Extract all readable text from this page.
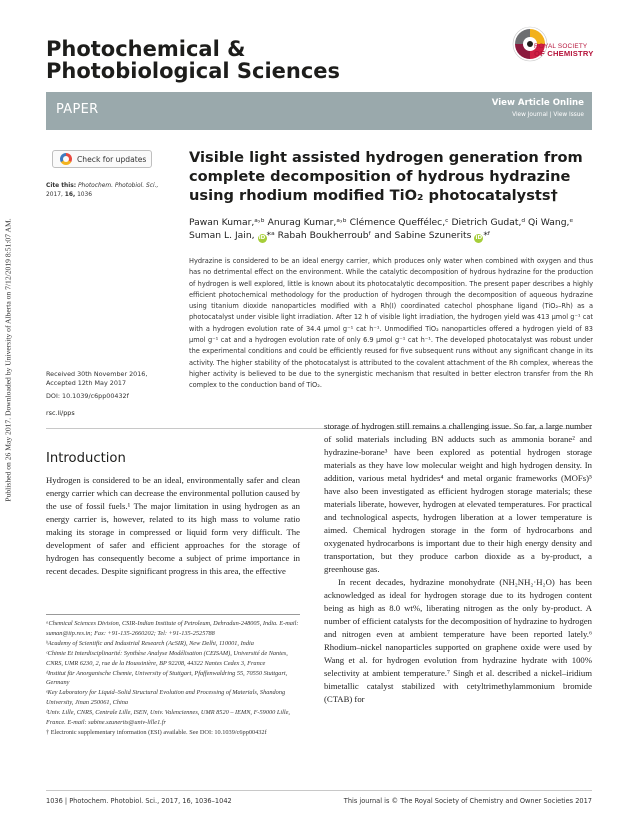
Published on 26 May 2017. Downloaded by University of Alberta on 7/12/2019 8:51:07 AM.
Photochemical &
Photobiological Sciences
ROYAL SOCIETY
OF CHEMISTRY
PAPER	View Article Online
View Journal | View Issue
Check for updates
Cite this: Photochem. Photobiol. Sci.,
2017, 16, 1036
Visible light assisted hydrogen generation from
complete decomposition of hydrous hydrazine
using rhodium modified TiO₂ photocatalysts†
Pawan Kumar,ᵃ˒ᵇ Anurag Kumar,ᵃ˒ᵇ Clémence Queffélec,ᶜ Dietrich Gudat,ᵈ Qi Wang,ᵉ
Suman L. Jain, iD*ᵃ Rabah Boukherroubᶠ and Sabine Szunerits iD*ᶠ
Hydrazine is considered to be an ideal energy carrier, which produces only water when combined with oxygen and thus has no detrimental effect on the environment. While the catalytic decomposition of hydrous hydrazine for the production of hydrogen is well explored, little is known about its photocatalytic decomposition. The present paper describes a highly efficient photochemical methodology for the production of hydrogen through the decomposition of aqueous hydrazine using titanium dioxide nanoparticles modified with a Rh(I) coordinated catechol phosphane ligand (TiO₂–Rh) as a photocatalyst under visible light irradiation. After 12 h of visible light irradiation, the hydrogen yield was 413 μmol g⁻¹ cat with a hydrogen evolution rate of 34.4 μmol g⁻¹ cat h⁻¹. Unmodified TiO₂ nanoparticles offered a hydrogen yield of 83 μmol g⁻¹ cat and a hydrogen evolution rate of only 6.9 μmol g⁻¹ cat h⁻¹. The developed photocatalyst was robust under the experimental conditions and could be efficiently reused for five subsequent runs without any significant change in its activity. The higher stability of the photocatalyst is attributed to the covalent attachment of the Rh complex, whereas the higher activity is believed to be due to the synergistic mechanism that resulted in better electron transfer from the Rh complex to the conduction band of TiO₂.
Received 30th November 2016,
Accepted 12th May 2017
DOI: 10.1039/c6pp00432f
rsc.li/pps
Introduction

Hydrogen is considered to be an ideal, environmentally safer and clean energy carrier which can decrease the environmental pollution caused by the use of fossil fuels.¹ The major limitation in using hydrogen as an energy carrier is, however, related to its high mass to volume ratio making its storage in compressed or liquid form very difficult. The development of safer and efficient approaches for the storage of hydrogen has consequently become a subject of prime importance in recent decades. Despite significant progress in this area, the effective

storage of hydrogen still remains a challenging issue. So far, a large number of solid materials including BN adducts such as ammonia borane² and hydrazine-borane³ have been explored as potential hydrogen storage materials as they have low molecular weight and high hydrogen density. In addition, various metal hydrides⁴ and metal organic frameworks (MOFs)⁵ have also been investigated as efficient hydrogen storage materials; these materials liberate, however, hydrogen at elevated temperatures. For practical and technological aspects, hydrogen liberation at a lower temperature is aimed. Chemical hydrogen storage in the form of hydrocarbons and oxygenated hydrocarbons is important due to their high energy density and transportation, but they produce carbon dioxide as a by-product, a greenhouse gas.

In recent decades, hydrazine monohydrate (NH₂NH₂·H₂O) has been acknowledged as ideal for hydrogen storage due to its hydrogen content being as high as 8.0 wt%, liberating nitrogen as the only by-product. A number of efficient catalysts for the decomposition of hydrazine to hydrogen and nitrogen even at ambient temperature have been reported lately.⁶ Rhodium–nickel nanoparticles supported on graphene oxide were used by Wang et al. for hydrogen evolution from hydrazine hydrate with 100% selectivity at ambient temperature.⁷ Singh et al. described a nickel–iridium bimetallic catalyst stabilized with cetyltrimethylammonium bromide (CTAB) for

ᵃChemical Sciences Division, CSIR-Indian Institute of Petroleum, Dehradun-248005, India. E-mail: suman@iip.res.in; Fax: +91-135-2660202; Tel: +91-135-2525788
ᵇAcademy of Scientific and Industrial Research (AcSIR), New Delhi, 110001, India
ᶜChimie Et Interdisciplinarité: Synthèse Analyse Modélisation (CEISAM), Université de Nantes, CNRS, UMR 6230, 2, rue de la Houssinière, BP 92208, 44322 Nantes Cedex 3, France
ᵈInstitut für Anorganische Chemie, University of Stuttgart, Pfaffenwaldring 55, 70550 Stuttgart, Germany
ᵉKey Laboratory for Liquid–Solid Structural Evolution and Processing of Materials, Shandong University, Jinan 250061, China
ᶠUniv. Lille, CNRS, Centrale Lille, ISEN, Univ. Valenciennes, UMR 8520 – IEMN, F-59000 Lille, France. E-mail: sabine.szunerits@univ-lille1.fr
† Electronic supplementary information (ESI) available. See DOI: 10.1039/c6pp00432f
1036 | Photochem. Photobiol. Sci., 2017, 16, 1036–1042	This journal is © The Royal Society of Chemistry and Owner Societies 2017
